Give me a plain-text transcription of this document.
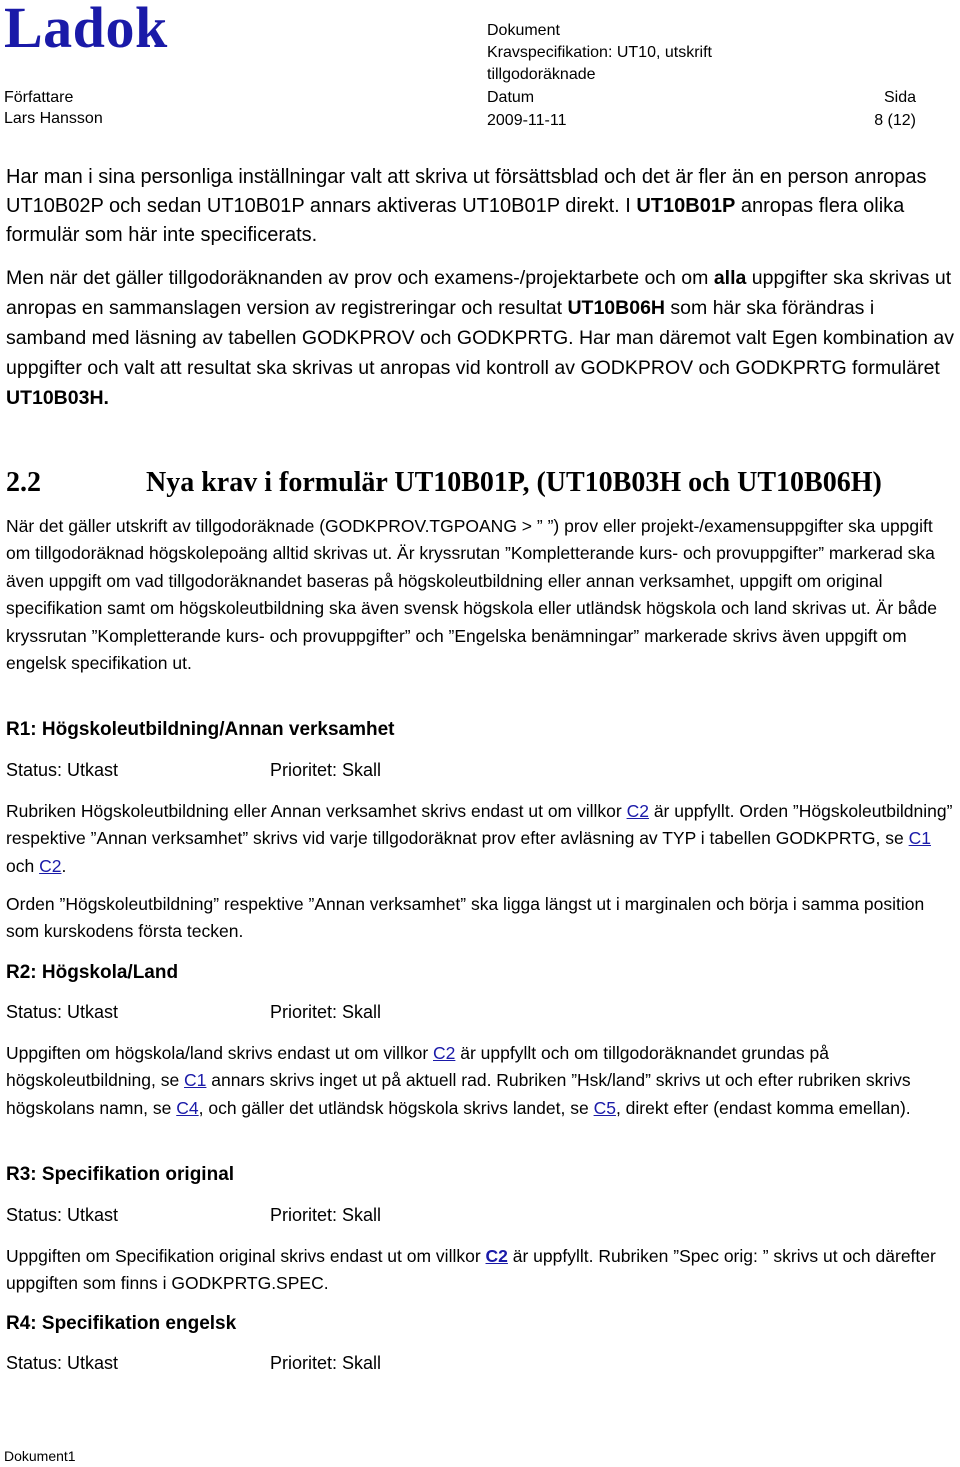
Ladok	Dokument
Kravspecifikation: UT10, utskrift
tillgodoräknade
Författare
Lars Hansson
Datum
2009-11-11
Sida
8 (12)

Har man i sina personliga inställningar valt att skriva ut försättsblad och det är fler än en person anropas UT10B02P och sedan UT10B01P annars aktiveras UT10B01P direkt. I UT10B01P anropas flera olika formulär som här inte specificerats.

Men när det gäller tillgodoräknanden av prov och examens-/projektarbete och om alla uppgifter ska skrivas ut anropas en sammanslagen version av registreringar och resultat UT10B06H som här ska förändras i samband med läsning av tabellen GODKPROV och GODKPRTG. Har man däremot valt Egen kombination av uppgifter och valt att resultat ska skrivas ut anropas vid kontroll av GODKPROV och GODKPRTG formuläret UT10B03H.

2.2	Nya krav i formulär UT10B01P, (UT10B03H och UT10B06H)

När det gäller utskrift av tillgodoräknade (GODKPROV.TGPOANG > ” ”) prov eller projekt-/examensuppgifter ska uppgift om tillgodoräknad högskolepoäng alltid skrivas ut. Är kryssrutan ”Kompletterande kurs- och provuppgifter” markerad ska även uppgift om vad tillgodoräknandet baseras på högskoleutbildning eller annan verksamhet, uppgift om original specifikation samt om högskoleutbildning ska även svensk högskola eller utländsk högskola och land skrivas ut. Är både kryssrutan ”Kompletterande kurs- och provuppgifter” och ”Engelska benämningar” markerade skrivs även uppgift om engelsk specifikation ut.

R1: Högskoleutbildning/Annan verksamhet
Status: Utkast	Prioritet: Skall

Rubriken Högskoleutbildning eller Annan verksamhet skrivs endast ut om villkor C2 är uppfyllt. Orden ”Högskoleutbildning” respektive ”Annan verksamhet” skrivs vid varje tillgodoräknat prov efter avläsning av TYP i tabellen GODKPRTG, se C1 och C2.

Orden ”Högskoleutbildning” respektive ”Annan verksamhet” ska ligga längst ut i marginalen och börja i samma position som kurskodens första tecken.

R2: Högskola/Land
Status: Utkast	Prioritet: Skall

Uppgiften om högskola/land skrivs endast ut om villkor C2 är uppfyllt och om tillgodoräknandet grundas på högskoleutbildning, se C1 annars skrivs inget ut på aktuell rad. Rubriken ”Hsk/land” skrivs ut och efter rubriken skrivs högskolans namn, se C4, och gäller det utländsk högskola skrivs landet, se C5, direkt efter (endast komma emellan).

R3: Specifikation original
Status: Utkast	Prioritet: Skall

Uppgiften om Specifikation original skrivs endast ut om villkor C2 är uppfyllt. Rubriken ”Spec orig: ” skrivs ut och därefter uppgiften som finns i GODKPRTG.SPEC.

R4: Specifikation engelsk
Status: Utkast	Prioritet: Skall
Dokument1
